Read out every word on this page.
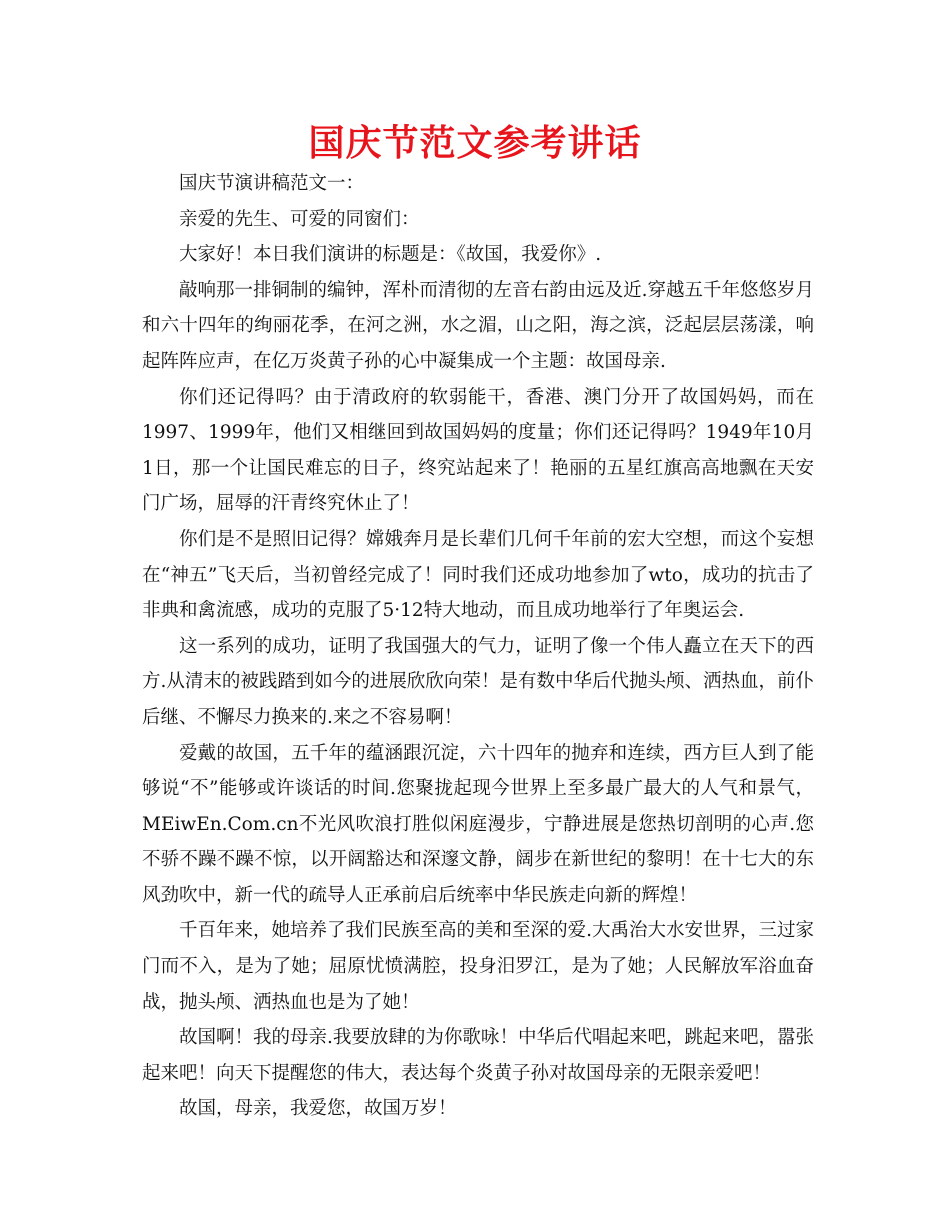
国庆节范文参考讲话

国庆节演讲稿范文一：

亲爱的先生、可爱的同窗们：

大家好！本日我们演讲的标题是：《故国，我爱你》.

敲响那一排铜制的编钟，浑朴而清彻的左音右韵由远及近.穿越五千年悠悠岁月和六十四年的绚丽花季，在河之洲，水之湄，山之阳，海之滨，泛起层层荡漾，响起阵阵应声，在亿万炎黄子孙的心中凝集成一个主题：故国母亲.

你们还记得吗？由于清政府的软弱能干，香港、澳门分开了故国妈妈，而在1997、1999年，他们又相继回到故国妈妈的度量；你们还记得吗？1949年10月1日，那一个让国民难忘的日子，终究站起来了！艳丽的五星红旗高高地飘在天安门广场，屈辱的汗青终究休止了！

你们是不是照旧记得？嫦娥奔月是长辈们几何千年前的宏大空想，而这个妄想在“神五”飞天后，当初曾经完成了！同时我们还成功地参加了wto，成功的抗击了非典和禽流感，成功的克服了5·12特大地动，而且成功地举行了年奥运会.

这一系列的成功，证明了我国强大的气力，证明了像一个伟人矗立在天下的西方.从清末的被践踏到如今的进展欣欣向荣！是有数中华后代抛头颅、洒热血，前仆后继、不懈尽力换来的.来之不容易啊！

爱戴的故国，五千年的蕴涵跟沉淀，六十四年的抛弃和连续，西方巨人到了能够说“不”能够或许谈话的时间.您聚拢起现今世界上至多最广最大的人气和景气，MEiwEn.Com.cn不光风吹浪打胜似闲庭漫步，宁静进展是您热切剖明的心声.您不骄不躁不躁不惊，以开阔豁达和深邃文静，阔步在新世纪的黎明！在十七大的东风劲吹中，新一代的疏导人正承前启后统率中华民族走向新的辉煌！

千百年来，她培养了我们民族至高的美和至深的爱.大禹治大水安世界，三过家门而不入，是为了她；屈原忧愤满腔，投身汨罗江，是为了她；人民解放军浴血奋战，抛头颅、洒热血也是为了她！

故国啊！我的母亲.我要放肆的为你歌咏！中华后代唱起来吧，跳起来吧，嚣张起来吧！向天下提醒您的伟大，表达每个炎黄子孙对故国母亲的无限亲爱吧！

故国，母亲，我爱您，故国万岁！
